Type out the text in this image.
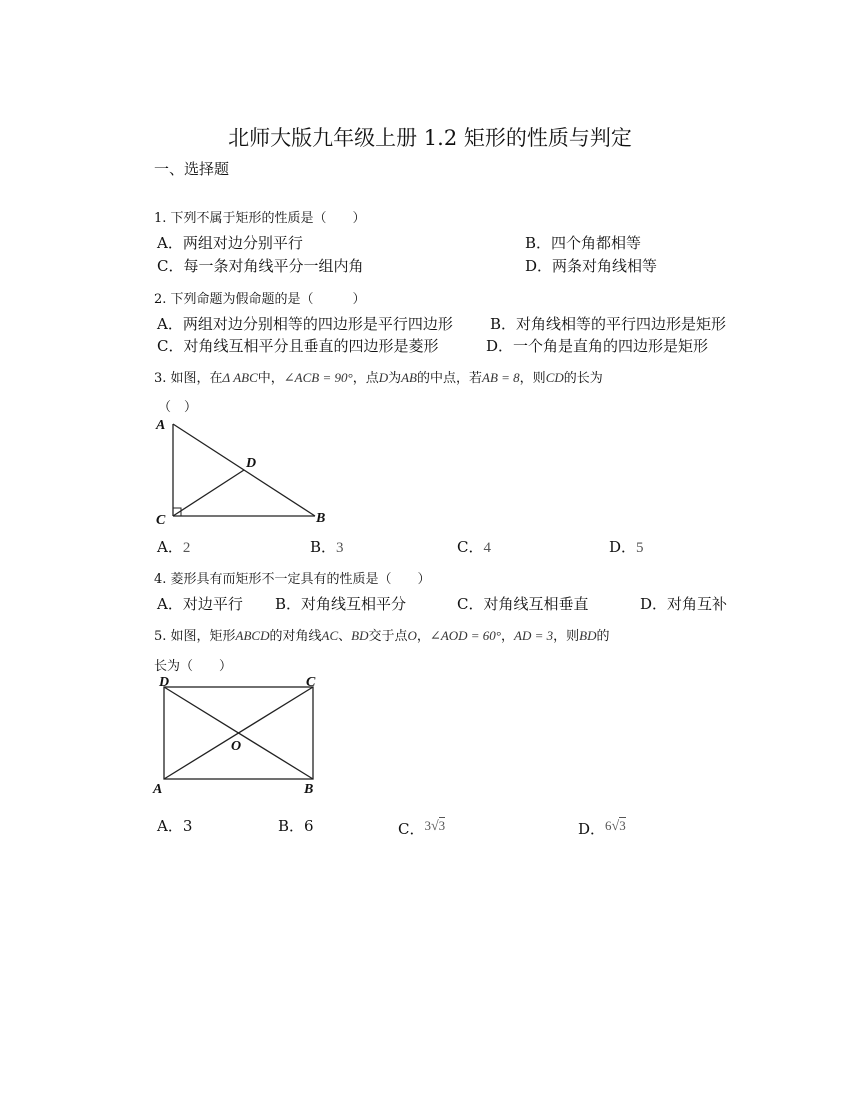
北师大版九年级上册 1.2 矩形的性质与判定
一、选择题
1. 下列不属于矩形的性质是（　　）
A．两组对边分别平行	B．四个角都相等
C．每一条对角线平分一组内角	D．两条对角线相等
2. 下列命题为假命题的是（　　　）
A．两组对边分别相等的四边形是平行四边形 B．对角线相等的平行四边形是矩形
C．对角线互相平分且垂直的四边形是菱形	D．一个角是直角的四边形是矩形
3. 如图，在Δ ABC中，∠ACB = 90°，点D为AB的中点，若AB = 8，则CD的长为
（　）
A
C	B
D
A．2	B．3	C．4	D．5
4. 菱形具有而矩形不一定具有的性质是（　　）
A．对边平行 B．对角线互相平分	C．对角线互相垂直	D．对角互补
5. 如图，矩形ABCD的对角线AC、BD交于点O，∠AOD = 60°，AD = 3，则BD的
长为（　　）
D	C
A	B
O
A．3	B．6	C．3√3	D．6√3
